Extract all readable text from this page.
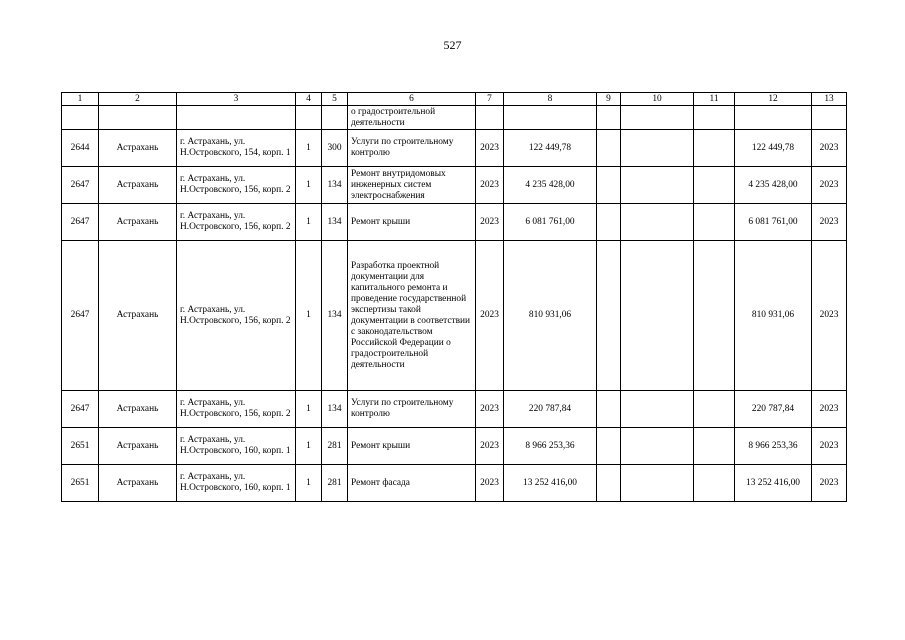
527
1	2	3	4	5	6	7	8	9	10	11	12	13
					о градостроительной деятельности							
2644	Астрахань	г. Астрахань, ул. Н.Островского, 154, корп. 1	1	300	Услуги по строительному контролю	2023	122 449,78				122 449,78	2023
2647	Астрахань	г. Астрахань, ул. Н.Островского, 156, корп. 2	1	134	Ремонт внутридомовых инженерных систем электроснабжения	2023	4 235 428,00				4 235 428,00	2023
2647	Астрахань	г. Астрахань, ул. Н.Островского, 156, корп. 2	1	134	Ремонт крыши	2023	6 081 761,00				6 081 761,00	2023
2647	Астрахань	г. Астрахань, ул. Н.Островского, 156, корп. 2	1	134	Разработка проектной документации для капитального ремонта и проведение государственной экспертизы такой документации в соответствии с законодательством Российской Федерации о градостроительной деятельности	2023	810 931,06				810 931,06	2023
2647	Астрахань	г. Астрахань, ул. Н.Островского, 156, корп. 2	1	134	Услуги по строительному контролю	2023	220 787,84				220 787,84	2023
2651	Астрахань	г. Астрахань, ул. Н.Островского, 160, корп. 1	1	281	Ремонт крыши	2023	8 966 253,36				8 966 253,36	2023
2651	Астрахань	г. Астрахань, ул. Н.Островского, 160, корп. 1	1	281	Ремонт фасада	2023	13 252 416,00				13 252 416,00	2023
